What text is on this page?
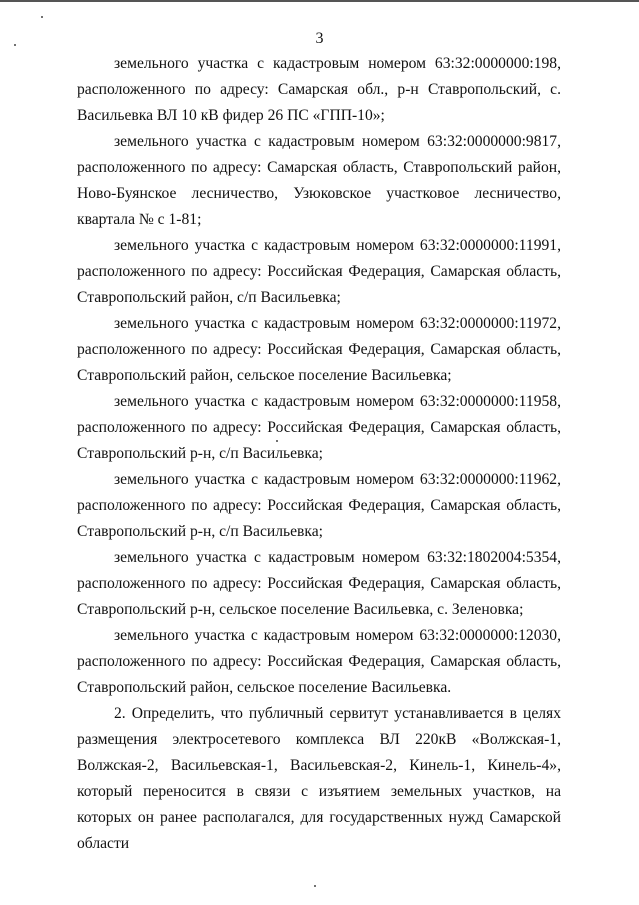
3

земельного участка с кадастровым номером 63:32:0000000:198, расположенного по адресу: Самарская обл., р-н Ставропольский, с. Васильевка ВЛ 10 кВ фидер 26 ПС «ГПП-10»;

земельного участка с кадастровым номером 63:32:0000000:9817, расположенного по адресу: Самарская область, Ставропольский район, Ново-Буянское лесничество, Узюковское участковое лесничество, квартала № с 1-81;

земельного участка с кадастровым номером 63:32:0000000:11991, расположенного по адресу: Российская Федерация, Самарская область, Ставропольский район, с/п Васильевка;

земельного участка с кадастровым номером 63:32:0000000:11972, расположенного по адресу: Российская Федерация, Самарская область, Ставропольский район, сельское поселение Васильевка;

земельного участка с кадастровым номером 63:32:0000000:11958, расположенного по адресу: Российская Федерация, Самарская область, Ставропольский р-н, с/п Васильевка;

земельного участка с кадастровым номером 63:32:0000000:11962, расположенного по адресу: Российская Федерация, Самарская область, Ставропольский р-н, с/п Васильевка;

земельного участка с кадастровым номером 63:32:1802004:5354, расположенного по адресу: Российская Федерация, Самарская область, Ставропольский р-н, сельское поселение Васильевка, с. Зеленовка;

земельного участка с кадастровым номером 63:32:0000000:12030, расположенного по адресу: Российская Федерация, Самарская область, Ставропольский район, сельское поселение Васильевка.

2. Определить, что публичный сервитут устанавливается в целях размещения электросетевого комплекса ВЛ 220кВ «Волжская-1, Волжская-2, Васильевская-1, Васильевская-2, Кинель-1, Кинель-4», который переносится в связи с изъятием земельных участков, на которых он ранее располагался, для государственных нужд Самарской области
